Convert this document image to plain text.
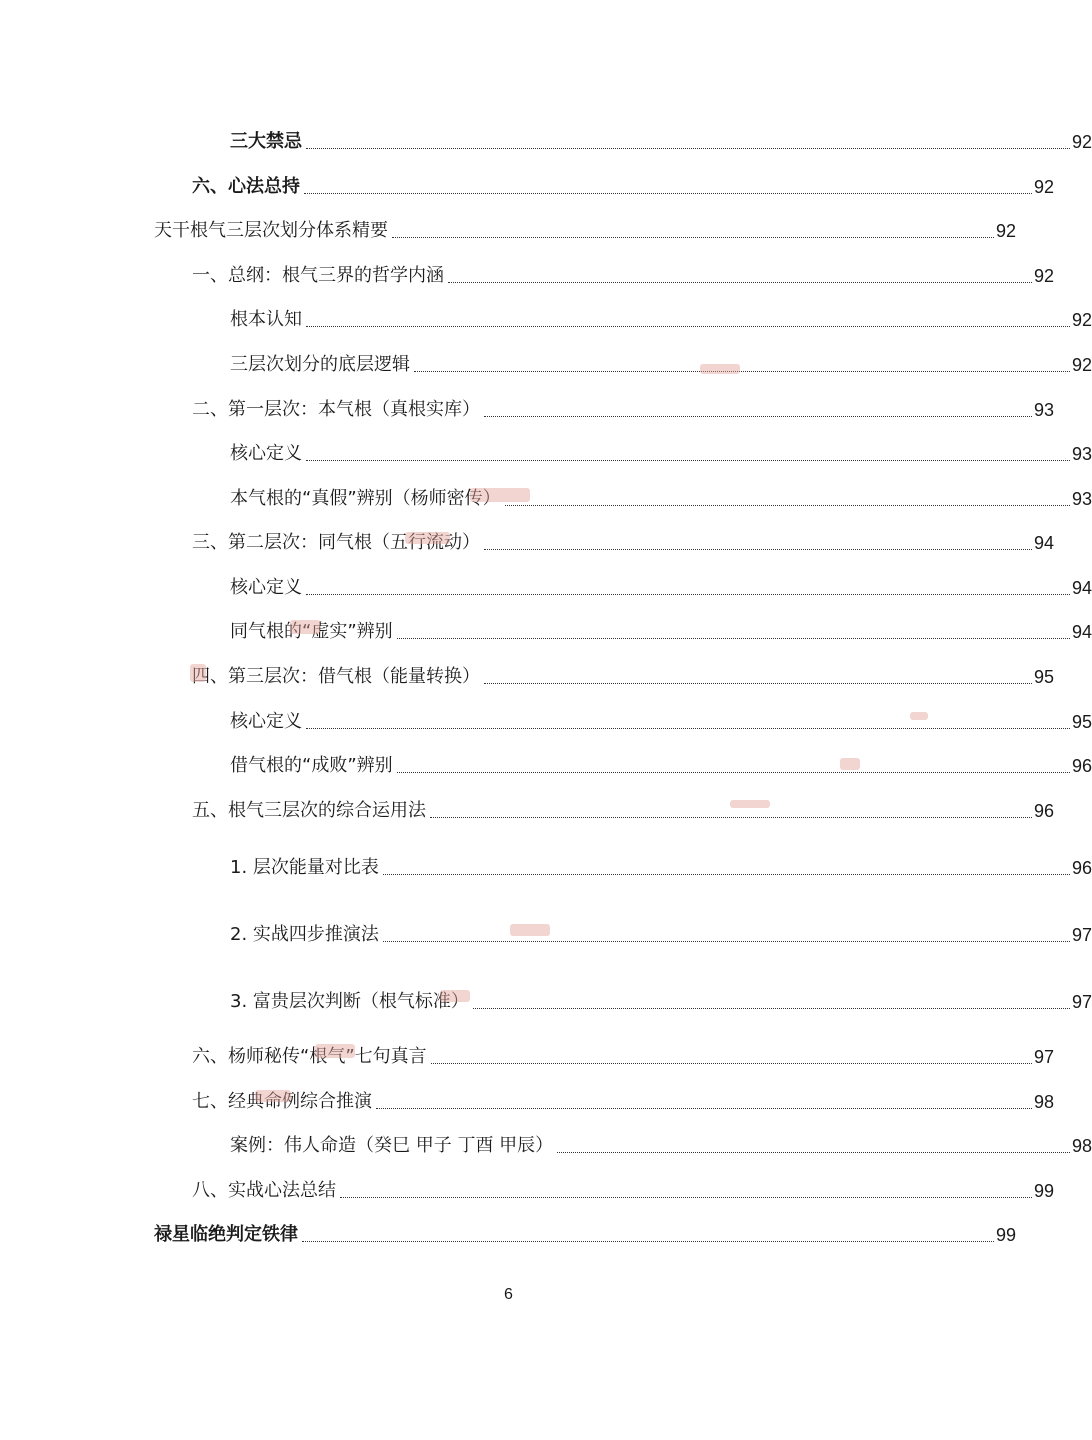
三大禁忌	92
六、心法总持	92
天干根气三层次划分体系精要	92
一、总纲：根气三界的哲学内涵	92
根本认知	92
三层次划分的底层逻辑	92
二、第一层次：本气根（真根实库）	93
核心定义	93
本气根的“真假”辨别（杨师密传）	93
三、第二层次：同气根（五行流动）	94
核心定义	94
同气根的“虚实”辨别	94
四、第三层次：借气根（能量转换）	95
核心定义	95
借气根的“成败”辨别	96
五、根气三层次的综合运用法	96
1. 层次能量对比表	96
2. 实战四步推演法	97
3. 富贵层次判断（根气标准）	97
六、杨师秘传“根气”七句真言	97
七、经典命例综合推演	98
案例：伟人命造（癸巳 甲子 丁酉 甲辰）	98
八、实战心法总结	99
禄星临绝判定铁律	99
6
